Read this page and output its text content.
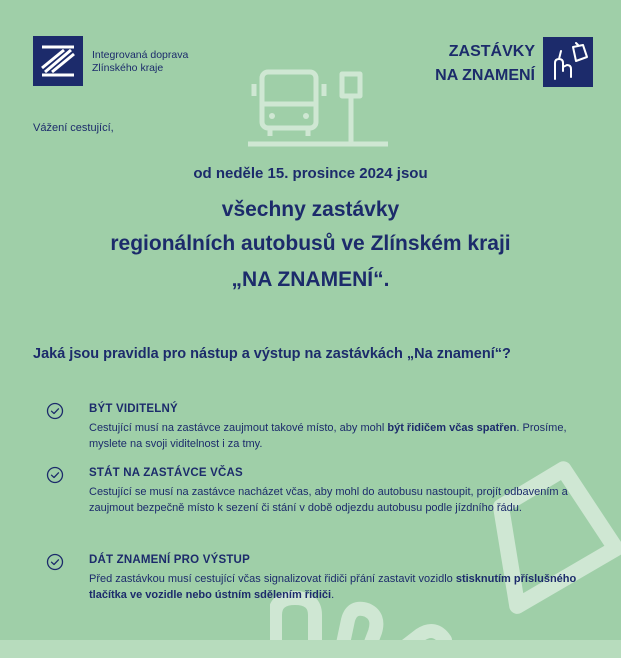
Integrovaná doprava
Zlínského kraje
ZASTÁVKY
NA ZNAMENÍ
Vážení cestující,
od neděle 15. prosince 2024 jsou
všechny zastávky
regionálních autobusů ve Zlínském kraji
„NA ZNAMENÍ“.
Jaká jsou pravidla pro nástup a výstup na zastávkách „Na znamení“?
BÝT VIDITELNÝ
Cestující musí na zastávce zaujmout takové místo, aby mohl být řidičem včas spatřen. Prosíme, myslete na svoji viditelnost i za tmy.
STÁT NA ZASTÁVCE VČAS
Cestující se musí na zastávce nacházet včas, aby mohl do autobusu nastoupit, projít odbavením a zaujmout bezpečně místo k sezení či stání v době odjezdu autobusu podle jízdního řádu.
DÁT ZNAMENÍ PRO VÝSTUP
Před zastávkou musí cestující včas signalizovat řidiči přání zastavit vozidlo stisknutím příslušného tlačítka ve vozidle nebo ústním sdělením řidiči.
